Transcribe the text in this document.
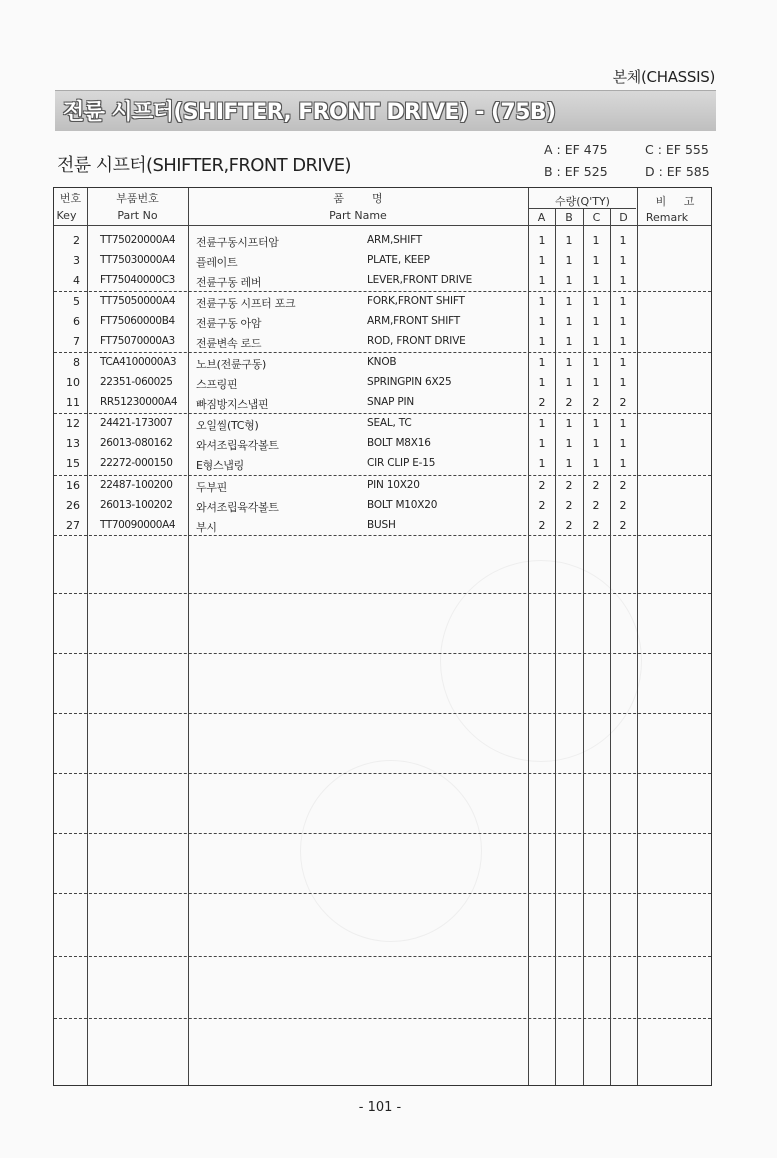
본체(CHASSIS)
전륜 시프터(SHIFTER, FRONT DRIVE) - (75B)
전륜 시프터(SHIFTER,FRONT DRIVE)
A : EF 475
B : EF 525
C : EF 555
D : EF 585
번호
Key
부품번호
Part No
품        명
Part Name
수량(Q'TY)
A	B	C	D
비     고
Remark
2 TT75020000A4 전륜구동시프터암	ARM,SHIFT	1	1	1	1
3 TT75030000A4 플레이트	PLATE, KEEP	1	1	1	1
4 FT75040000C3 전륜구동 레버	LEVER,FRONT DRIVE	1	1	1	1
5 TT75050000A4 전륜구동 시프터 포크	FORK,FRONT SHIFT	1	1	1	1
6 FT75060000B4 전륜구동 아암	ARM,FRONT SHIFT	1	1	1	1
7 FT75070000A3 전륜변속 로드	ROD, FRONT DRIVE	1	1	1	1
8 TCA4100000A3 노브(전륜구동)	KNOB	1	1	1	1
10 22351-060025 스프링핀	SPRINGPIN 6X25	1	1	1	1
11 RR51230000A4 빠짐방지스냅핀	SNAP PIN	2	2	2	2
12 24421-173007 오일씰(TC형)	SEAL, TC	1	1	1	1
13 26013-080162 와셔조립육각볼트	BOLT M8X16	1	1	1	1
15 22272-000150 E형스냅링	CIR CLIP E-15	1	1	1	1
16 22487-100200 두부핀	PIN 10X20	2	2	2	2
26 26013-100202 와셔조립육각볼트	BOLT M10X20	2	2	2	2
27 TT70090000A4 부시	BUSH	2	2	2	2
- 101 -
